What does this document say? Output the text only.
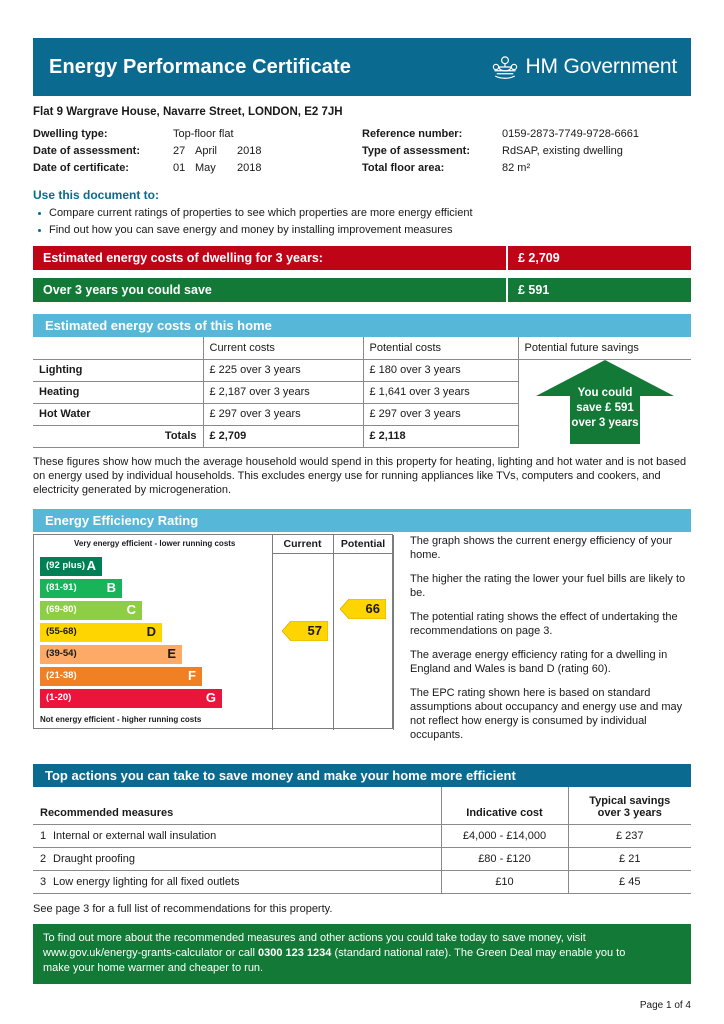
Energy Performance Certificate	HM Government
Flat 9 Wargrave House, Navarre Street, LONDON, E2 7JH
Dwelling type:	Top-floor flat
Date of assessment:	27 April 2018
Date of certificate:	01 May 2018
Reference number:	0159-2873-7749-9728-6661
Type of assessment:	RdSAP, existing dwelling
Total floor area:	82 m²
Use this document to:
Compare current ratings of properties to see which properties are more energy efficient
Find out how you can save energy and money by installing improvement measures
Estimated energy costs of dwelling for 3 years:	£ 2,709
Over 3 years you could save	£ 591
Estimated energy costs of this home
	Current costs	Potential costs	Potential future savings
Lighting	£ 225 over 3 years	£ 180 over 3 years	You could
save £ 591
over 3 years

Heating	£ 2,187 over 3 years	£ 1,641 over 3 years	
Hot Water	£ 297 over 3 years	£ 297 over 3 years	
Totals	£ 2,709	£ 2,118	
These figures show how much the average household would spend in this property for heating, lighting and hot water and is not based on energy used by individual households. This excludes energy use for running appliances like TVs, computers and cookers, and electricity generated by microgeneration.
Energy Efficiency Rating
Very energy efficient - lower running costs
Not energy efficient - higher running costs
(92 plus) A
(81-91) B
(69-80)	C
(55-68)	D
(39-54)	E
(21-38)	F
(1-20)	G
Current	Potential
57
66

The graph shows the current energy efficiency of your home.

The higher the rating the lower your fuel bills are likely to be.

The potential rating shows the effect of undertaking the recommendations on page 3.

The average energy efficiency rating for a dwelling in England and Wales is band D (rating 60).

The EPC rating shown here is based on standard assumptions about occupancy and energy use and may not reflect how energy is consumed by individual occupants.

Top actions you can take to save money and make your home more efficient
Recommended measures	Indicative cost	Typical savings
over 3 years

1 Internal or external wall insulation	£4,000 - £14,000	£ 237
2 Draught proofing	£80 - £120	£ 21
3 Low energy lighting for all fixed outlets	£10	£ 45
See page 3 for a full list of recommendations for this property.
To find out more about the recommended measures and other actions you could take today to save money, visit
www.gov.uk/energy-grants-calculator or call 0300 123 1234 (standard national rate). The Green Deal may enable you to
make your home warmer and cheaper to run.
Page 1 of 4
